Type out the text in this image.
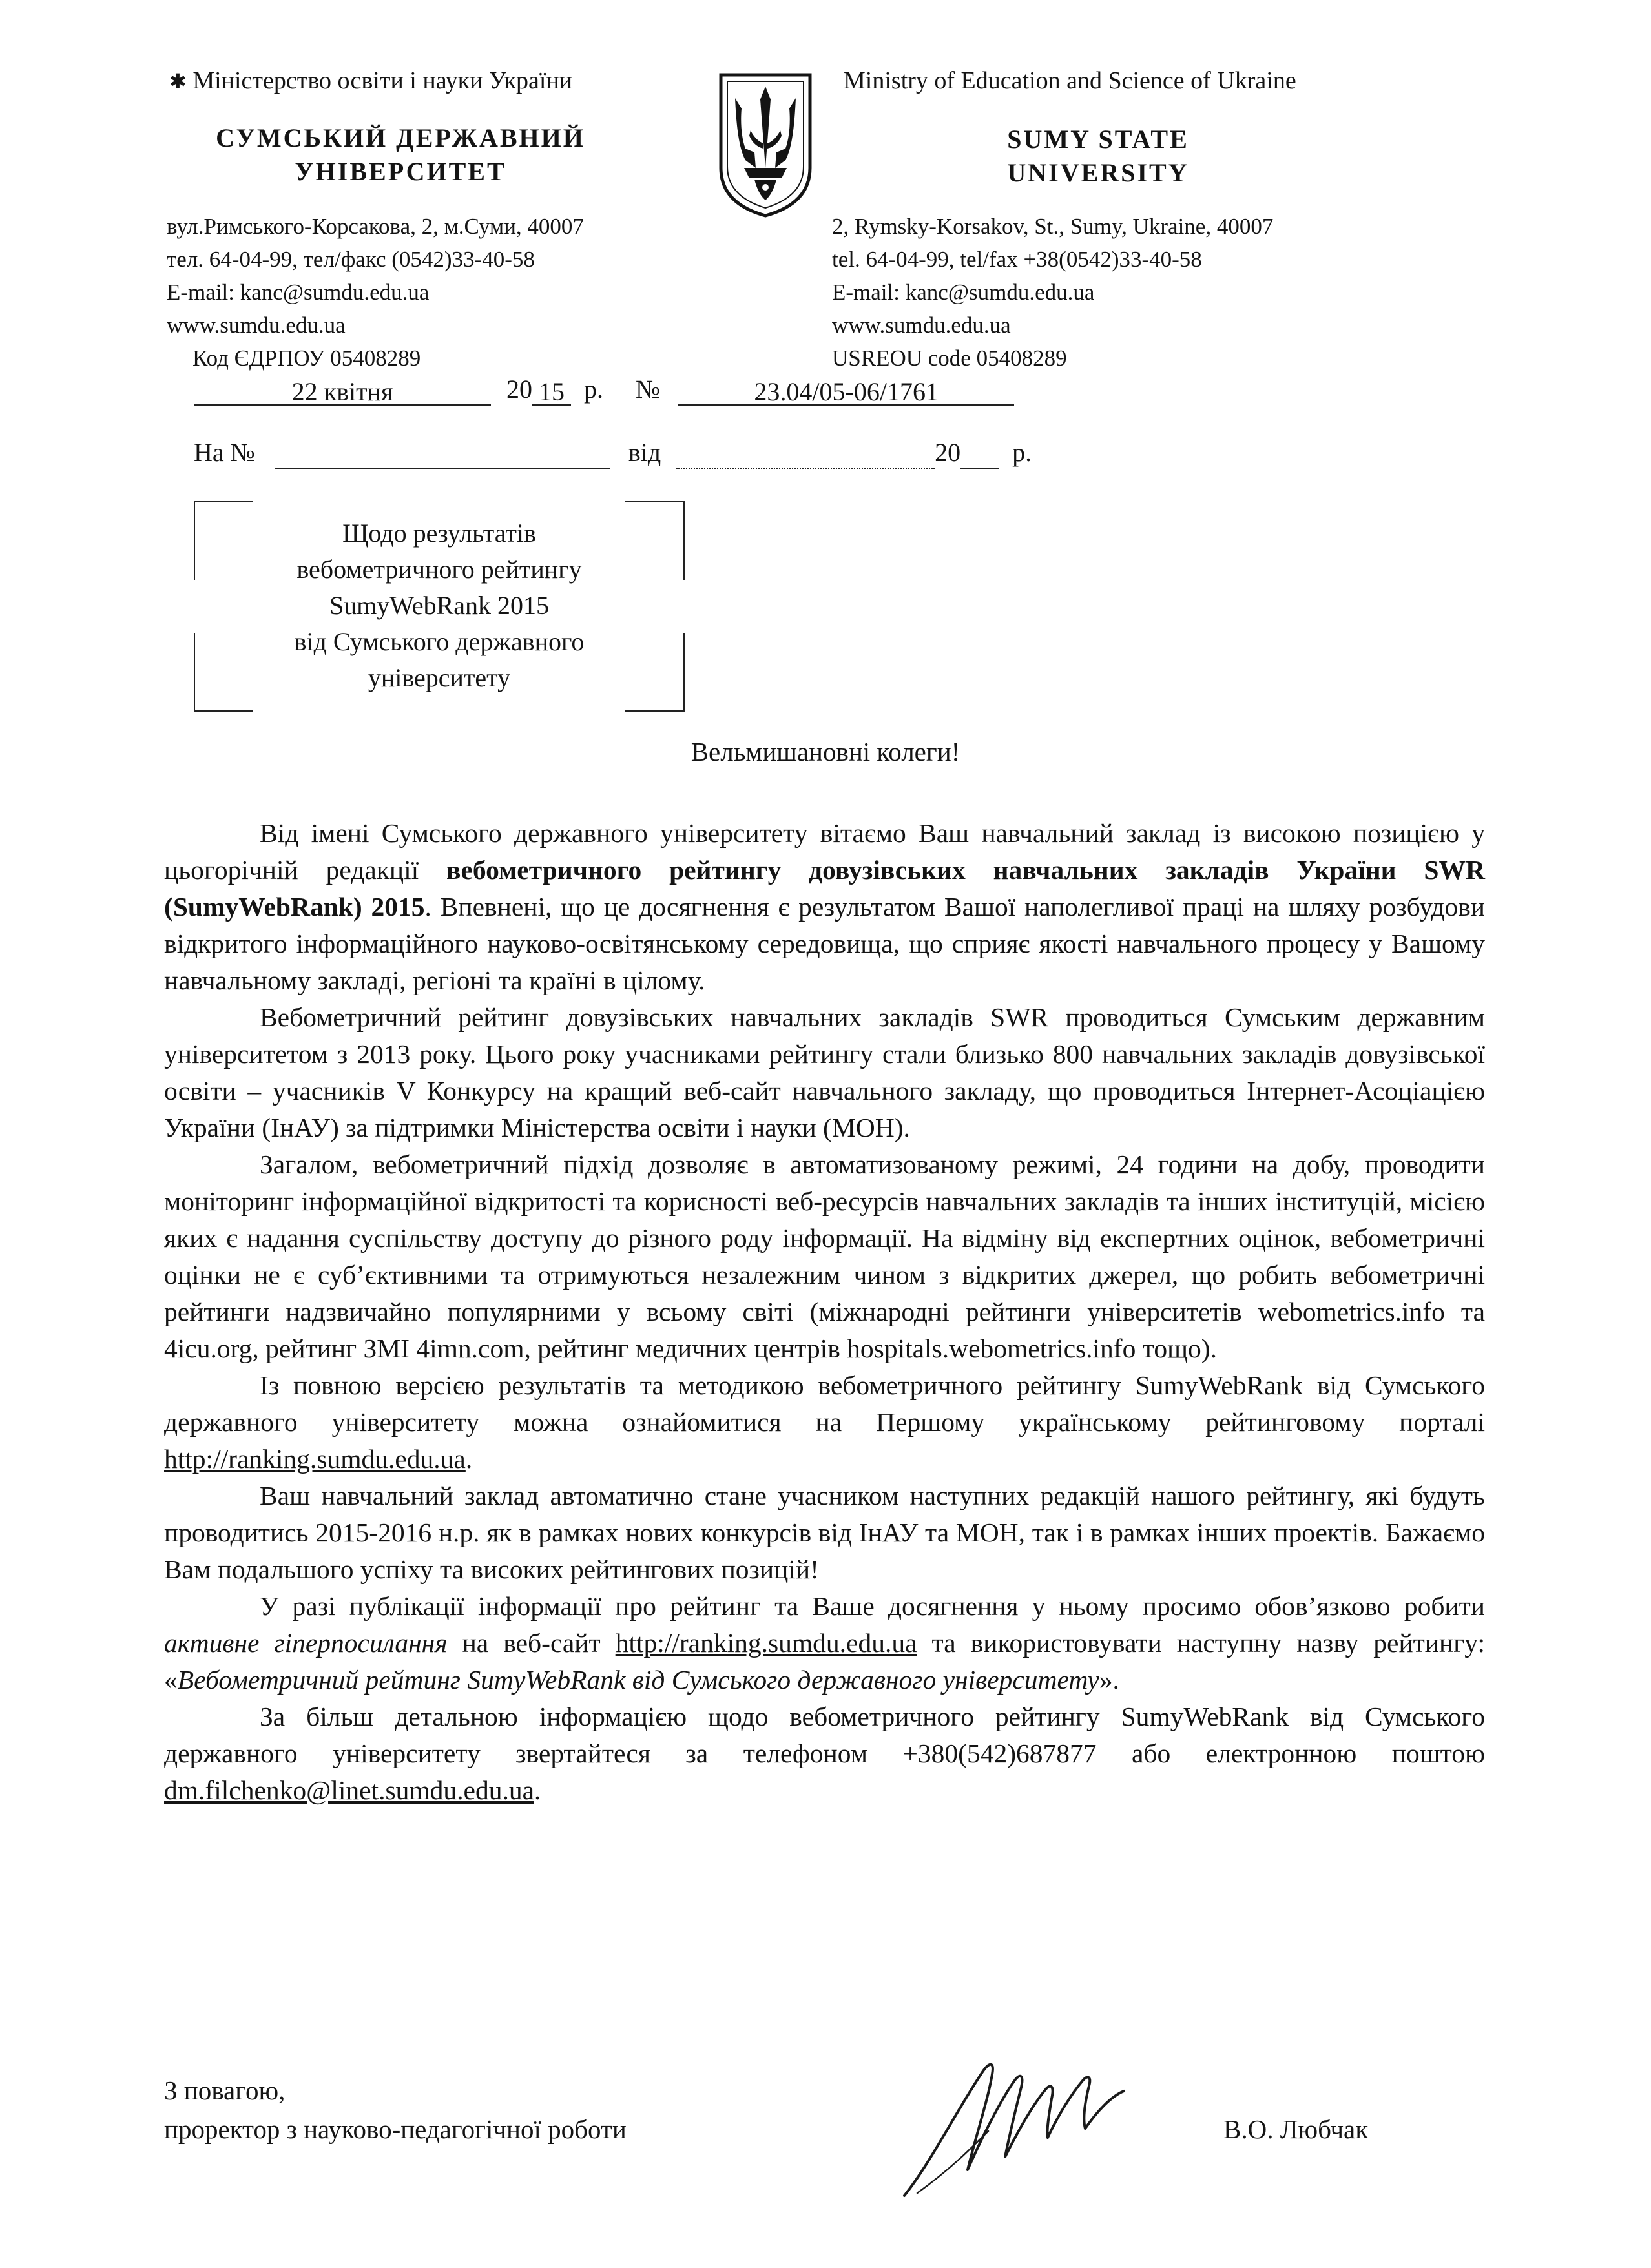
✱ Міністерство освіти і науки України	Ministry of Education and Science of Ukraine
СУМСЬКИЙ ДЕРЖАВНИЙ
УНІВЕРСИТЕТ
SUMY STATE
UNIVERSITY
вул.Римського-Корсакова, 2, м.Суми, 40007
тел. 64-04-99, тел/факс (0542)33-40-58
E-mail: kanc@sumdu.edu.ua
www.sumdu.edu.ua
Код ЄДРПОУ 05408289
2, Rymsky-Korsakov, St., Sumy, Ukraine, 40007
tel. 64-04-99, tel/fax +38(0542)33-40-58
E-mail: kanc@sumdu.edu.ua
www.sumdu.edu.ua
USREOU code 05408289
22 квітня	20 15 р. №	23.04/05-06/1761
На №	від	20 р.
Щодо результатів
вебометричного рейтингу
SumyWebRank 2015
від Сумського державного
університету
Вельмишановні колеги!

Від імені Сумського державного університету вітаємо Ваш навчальний заклад із високою позицією у цьогорічній редакції вебометричного рейтингу довузівських навчальних закладів України SWR (SumyWebRank) 2015. Впевнені, що це досягнення є результатом Вашої наполегливої праці на шляху розбудови відкритого інформаційного науково-освітянському середовища, що сприяє якості навчального процесу у Вашому навчальному закладі, регіоні та країні в цілому.

Вебометричний рейтинг довузівських навчальних закладів SWR проводиться Сумським державним університетом з 2013 року. Цього року учасниками рейтингу стали близько 800 навчальних закладів довузівської освіти – учасників V Конкурсу на кращий веб-сайт навчального закладу, що проводиться Інтернет-Асоціацією України (ІнАУ) за підтримки Міністерства освіти і науки (МОН).

Загалом, вебометричний підхід дозволяє в автоматизованому режимі, 24 години на добу, проводити моніторинг інформаційної відкритості та корисності веб-ресурсів навчальних закладів та інших інституцій, місією яких є надання суспільству доступу до різного роду інформації. На відміну від експертних оцінок, вебометричні оцінки не є суб’єктивними та отримуються незалежним чином з відкритих джерел, що робить вебометричні рейтинги надзвичайно популярними у всьому світі (міжнародні рейтинги університетів webometrics.info та 4icu.org, рейтинг ЗМІ 4imn.com, рейтинг медичних центрів hospitals.webometrics.info тощо).

Із повною версією результатів та методикою вебометричного рейтингу SumyWebRank від Сумського державного університету можна ознайомитися на Першому українському рейтинговому порталі http://ranking.sumdu.edu.ua.

Ваш навчальний заклад автоматично стане учасником наступних редакцій нашого рейтингу, які будуть проводитись 2015-2016 н.р. як в рамках нових конкурсів від ІнАУ та МОН, так і в рамках інших проектів. Бажаємо Вам подальшого успіху та високих рейтингових позицій!

У разі публікації інформації про рейтинг та Ваше досягнення у ньому просимо обов’язково робити активне гіперпосилання на веб-сайт http://ranking.sumdu.edu.ua та використовувати наступну назву рейтингу: «Вебометричний рейтинг SumyWebRank від Сумського державного університету».

За більш детальною інформацією щодо вебометричного рейтингу SumyWebRank від Сумського державного університету звертайтеся за телефоном +380(542)687877 або електронною поштою dm.filchenko@linet.sumdu.edu.ua.

З повагою,
проректор з науково-педагогічної роботи	В.О. Любчак
